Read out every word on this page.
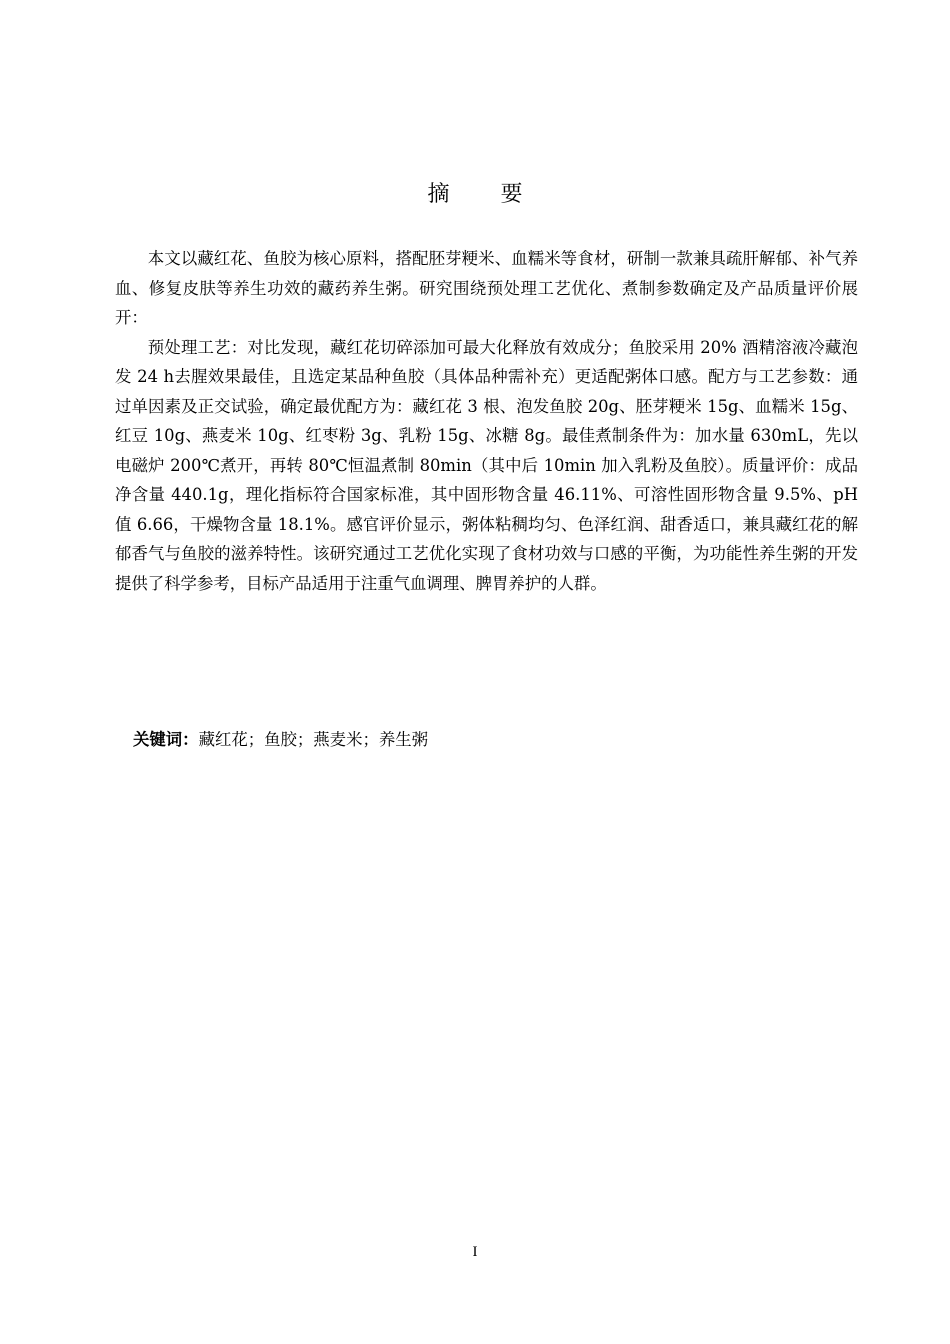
摘 要

本文以藏红花、鱼胶为核心原料，搭配胚芽粳米、血糯米等食材，研制一款兼具疏肝解郁、补气养血、修复皮肤等养生功效的藏药养生粥。研究围绕预处理工艺优化、煮制参数确定及产品质量评价展开：

预处理工艺：对比发现，藏红花切碎添加可最大化释放有效成分；鱼胶采用 20% 酒精溶液冷藏泡发 24 h去腥效果最佳，且选定某品种鱼胶（具体品种需补充）更适配粥体口感。配方与工艺参数：通过单因素及正交试验，确定最优配方为：藏红花 3 根、泡发鱼胶 20g、胚芽粳米 15g、血糯米 15g、红豆 10g、燕麦米 10g、红枣粉 3g、乳粉 15g、冰糖 8g。最佳煮制条件为：加水量 630mL，先以电磁炉 200℃煮开，再转 80℃恒温煮制 80min（其中后 10min 加入乳粉及鱼胶）。质量评价：成品净含量 440.1g，理化指标符合国家标准，其中固形物含量 46.11%、可溶性固形物含量 9.5%、pH 值 6.66，干燥物含量 18.1%。感官评价显示，粥体粘稠均匀、色泽红润、甜香适口，兼具藏红花的解郁香气与鱼胶的滋养特性。该研究通过工艺优化实现了食材功效与口感的平衡，为功能性养生粥的开发提供了科学参考，目标产品适用于注重气血调理、脾胃养护的人群。

关键词：藏红花；鱼胶；燕麦米；养生粥
I
